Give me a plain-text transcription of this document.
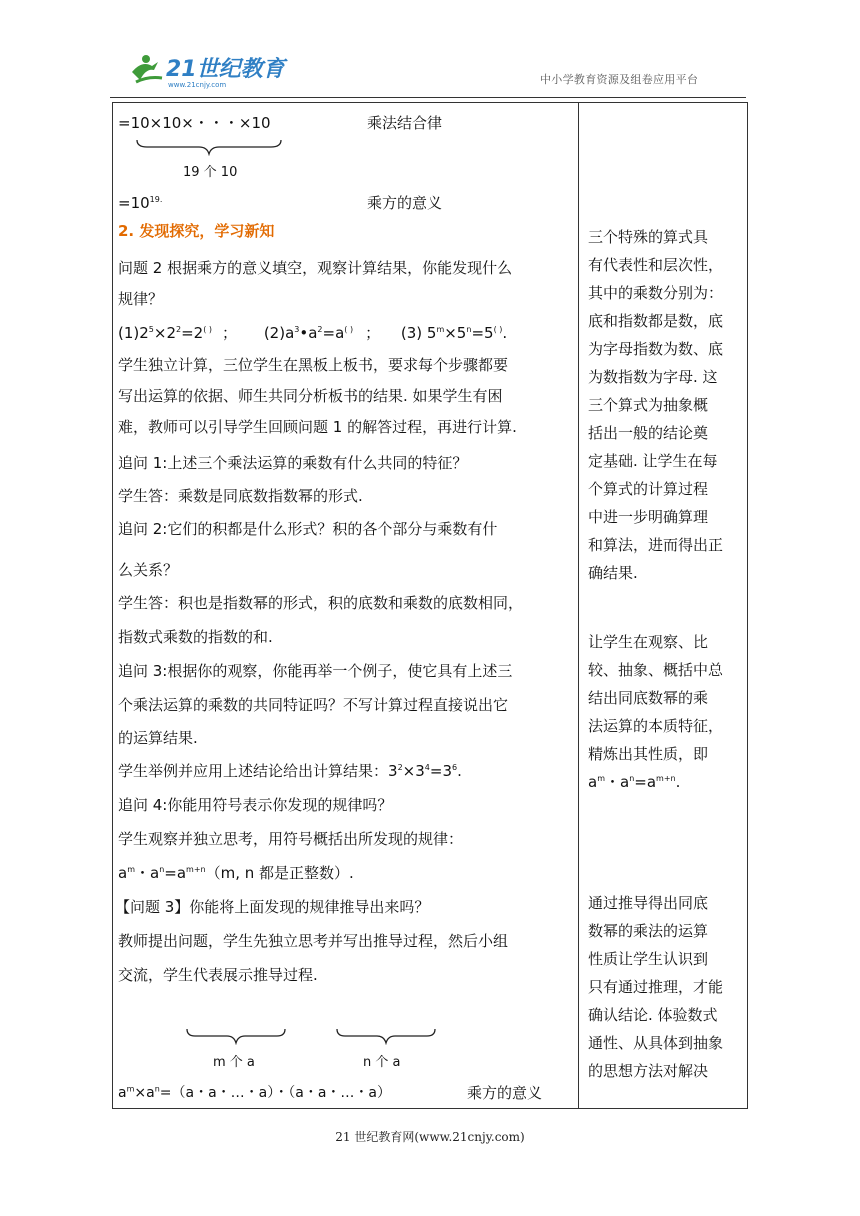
21世纪教育
www.21cnjy.com	中小学教育资源及组卷应用平台
=10×10×・・・×10	乘法结合律
19 个 10
$=10^{19.}$	乘方的意义
2. 发现探究，学习新知
问题 2 根据乘方的意义填空，观察计算结果，你能发现什么
规律？
$(1)2^5\times 2^2=2^{( )}$ ； $(2)a^3•a^2=a^{( )}$ ； (3) $5^m\times 5^n=5^{( )}$.
学生独立计算，三位学生在黑板上板书，要求每个步骤都要
写出运算的依据、师生共同分析板书的结果. 如果学生有困
难，教师可以引导学生回顾问题 1 的解答过程，再进行计算.
追问 1:上述三个乘法运算的乘数有什么共同的特征？
学生答：乘数是同底数指数幂的形式.
追问 2:它们的积都是什么形式？积的各个部分与乘数有什
么关系？
学生答：积也是指数幂的形式，积的底数和乘数的底数相同，
指数式乘数的指数的和.
追问 3:根据你的观察，你能再举一个例子，使它具有上述三
个乘法运算的乘数的共同特证吗？不写计算过程直接说出它
的运算结果.
学生举例并应用上述结论给出计算结果：$3^2\times 3^4=3^6$.
追问 4:你能用符号表示你发现的规律吗？
学生观察并独立思考，用符号概括出所发现的规律：
$a^m$・$a^n=a^{m+n}(m$, n 都是正整数）.
【问题 3】你能将上面发现的规律推导出来吗？
教师提出问题，学生先独立思考并写出推导过程，然后小组
交流，学生代表展示推导过程.
m 个 a	n 个 a
$a^m\times a^n=(a$・a・…・a）・（a・a・…・a）	乘方的意义

三个特殊的算式具

有代表性和层次性，

其中的乘数分别为：

底和指数都是数，底

为字母指数为数、底

为数指数为字母. 这

三个算式为抽象概

括出一般的结论奠

定基础. 让学生在每

个算式的计算过程

中进一步明确算理

和算法，进而得出正

确结果.

让学生在观察、比

较、抽象、概括中总

结出同底数幂的乘

法运算的本质特征，

精炼出其性质，即

$a^m$・$a^n=a^{m+n}$.

通过推导得出同底

数幂的乘法的运算

性质让学生认识到

只有通过推理，才能

确认结论. 体验数式

通性、从具体到抽象

的思想方法对解决

21 世纪教育网(www.21cnjy.com)
